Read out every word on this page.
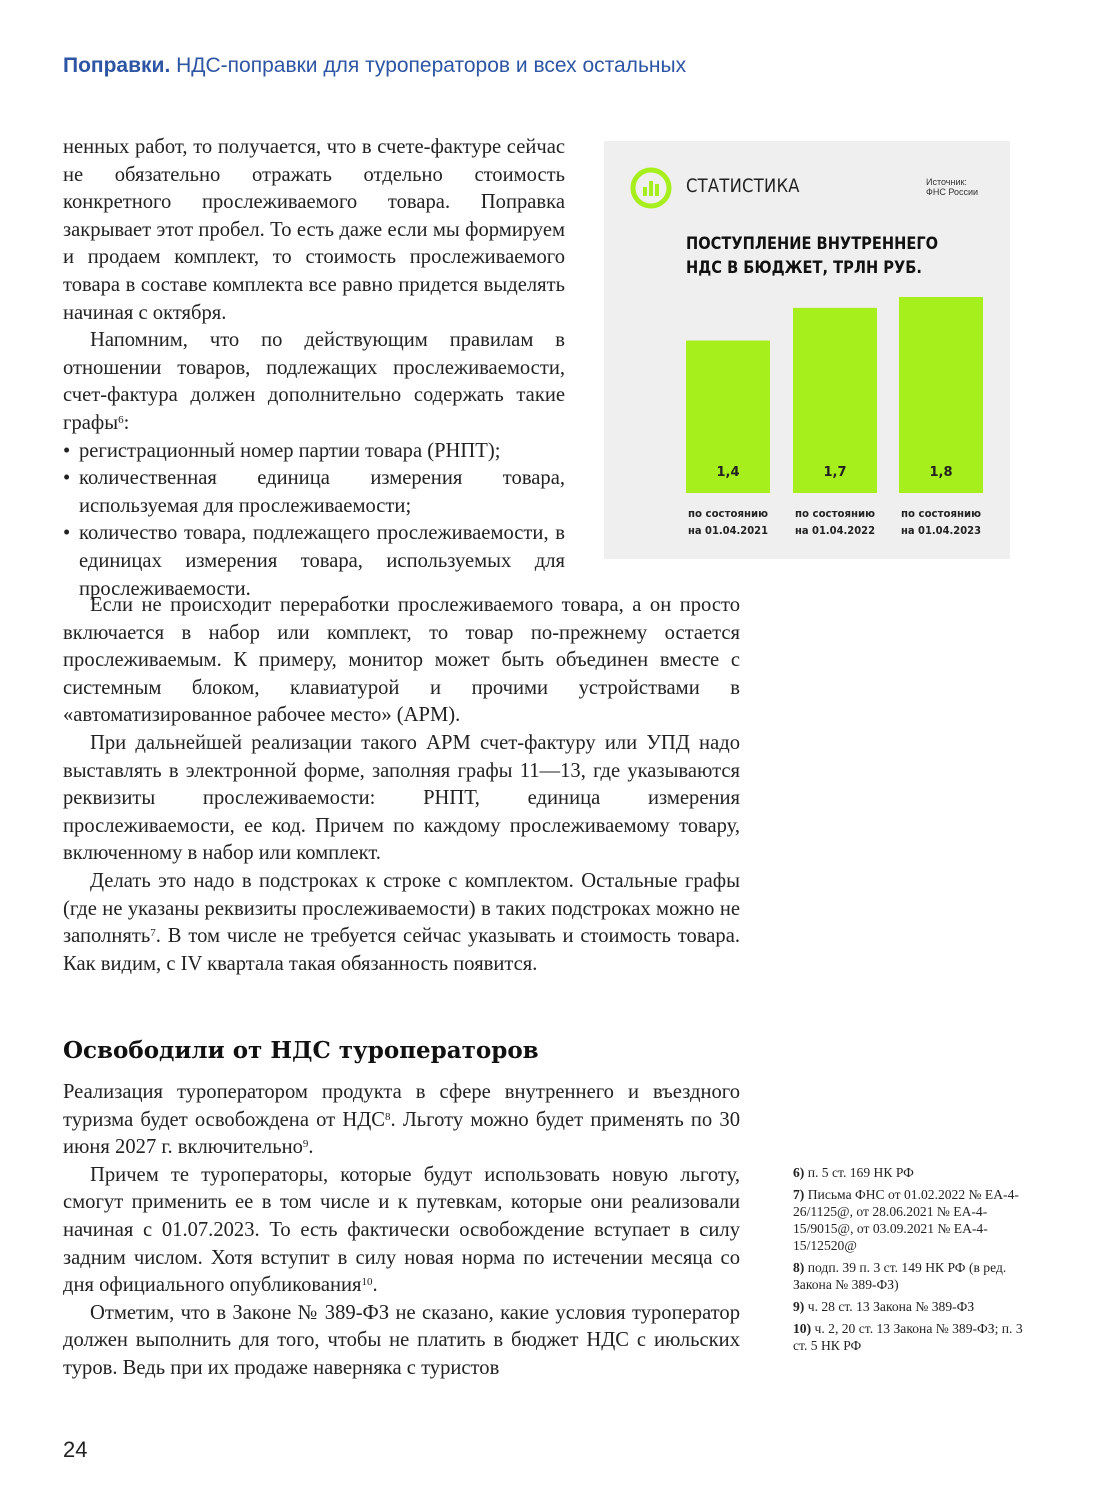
Поправки. НДС-поправки для туроператоров и всех остальных

ненных работ, то получается, что в счете-фактуре сейчас не обязательно отражать отдельно стоимость конкретного прослеживаемого товара. Поправка закрывает этот пробел. То есть даже если мы формируем и продаем комплект, то стоимость прослеживаемого товара в составе комплекта все равно придется выделять начиная с октября.

Напомним, что по действующим правилам в отношении товаров, подлежащих прослеживаемости, счет-фактура должен дополнительно содержать такие графы$^6$:

• регистрационный номер партии товара (РНПТ);
• количественная единица измерения товара, используемая для прослеживаемости;
• количество товара, подлежащего прослеживаемости, в единицах измерения товара, используемых для прослеживаемости.

Если не происходит переработки прослеживаемого товара, а он просто включается в набор или комплект, то товар по-прежнему остается прослеживаемым. К примеру, монитор может быть объединен вместе с системным блоком, клавиатурой и прочими устройствами в «автоматизированное рабочее место» (АРМ).

При дальнейшей реализации такого АРМ счет-фактуру или УПД надо выставлять в электронной форме, заполняя графы 11—13, где указываются реквизиты прослеживаемости: РНПТ, единица измерения прослеживаемости, ее код. Причем по каждому прослеживаемому товару, включенному в набор или комплект.

Делать это надо в подстроках к строке с комплектом. Остальные графы (где не указаны реквизиты прослеживаемости) в таких подстроках можно не заполнять$^7$. В том числе не требуется сейчас указывать и стоимость товара. Как видим, с IV квартала такая обязанность появится.

Освободили от НДС туроператоров

Реализация туроператором продукта в сфере внутреннего и въездного туризма будет освобождена от НДС$^8$. Льготу можно будет применять по 30 июня 2027 г. включительно$^9$.

Причем те туроператоры, которые будут использовать новую льготу, смогут применить ее в том числе и к путевкам, которые они реализовали начиная с 01.07.2023. То есть фактически освобождение вступает в силу задним числом. Хотя вступит в силу новая норма по истечении месяца со дня официального опубликования$^{10}$.

Отметим, что в Законе № 389-ФЗ не сказано, какие условия туроператор должен выполнить для того, чтобы не платить в бюджет НДС с июльских туров. Ведь при их продаже наверняка с туристов

СТАТИСТИКА	Источник:
ФНС России
ПОСТУПЛЕНИЕ ВНУТРЕННЕГО НДС В БЮДЖЕТ, ТРЛН РУБ.
1,4
по состоянию
на 01.04.2021
1,7
по состоянию
на 01.04.2022
1,8
по состоянию
на 01.04.2023

6) п. 5 ст. 169 НК РФ

7) Письма ФНС от 01.02.2022 № ЕА-4-26/1125@, от 28.06.2021 № ЕА-4-15/9015@, от 03.09.2021 № ЕА-4-15/12520@

8) подп. 39 п. 3 ст. 149 НК РФ (в ред. Закона № 389-ФЗ)

9) ч. 28 ст. 13 Закона № 389-ФЗ

10) ч. 2, 20 ст. 13 Закона № 389-ФЗ; п. 3 ст. 5 НК РФ

24
